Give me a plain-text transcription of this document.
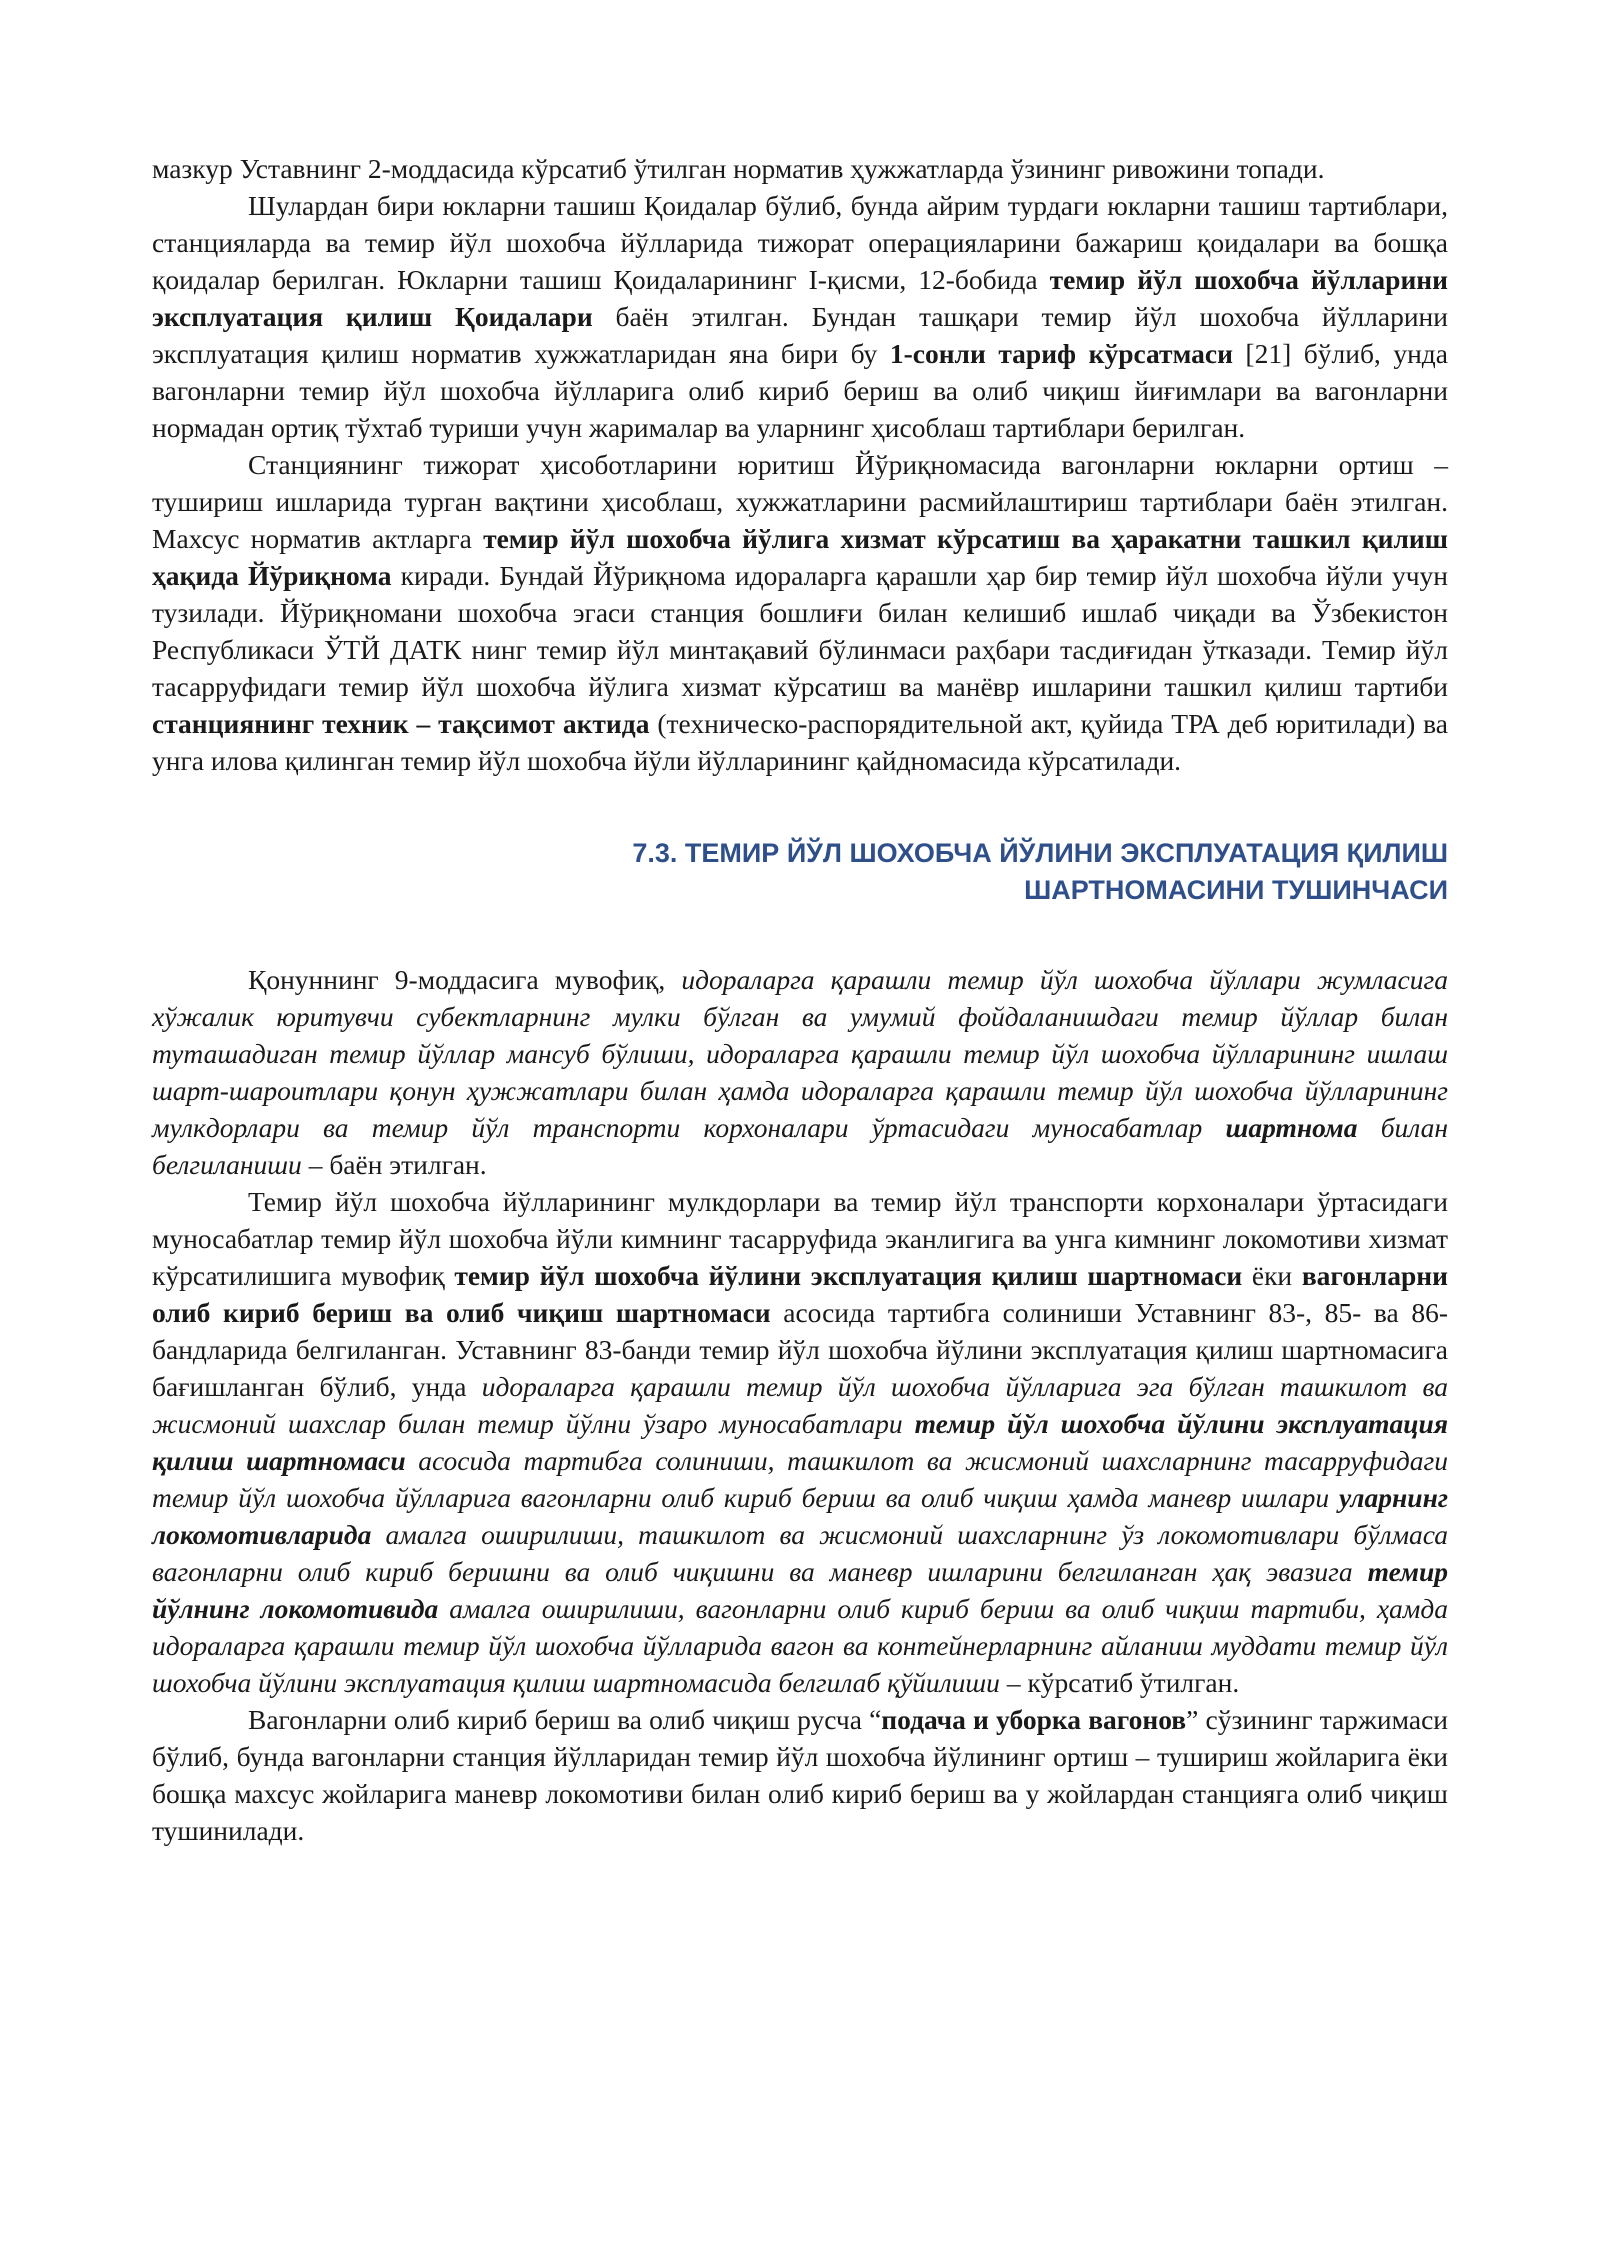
мазкур Уставнинг 2-моддасида кўрсатиб ўтилган норматив ҳужжатларда ўзининг ривожини топади.

Шулардан бири юкларни ташиш Қоидалар бўлиб, бунда айрим турдаги юкларни ташиш тартиблари, станцияларда ва темир йўл шохобча йўлларида тижорат операцияларини бажариш қоидалари ва бошқа қоидалар берилган. Юкларни ташиш Қоидаларининг I-қисми, 12-бобида темир йўл шохобча йўлларини эксплуатация қилиш Қоидалари баён этилган. Бундан ташқари темир йўл шохобча йўлларини эксплуатация қилиш норматив хужжатларидан яна бири бу 1-сонли тариф кўрсатмаси [21] бўлиб, унда вагонларни темир йўл шохобча йўлларига олиб кириб бериш ва олиб чиқиш йиғимлари ва вагонларни нормадан ортиқ тўхтаб туриши учун жарималар ва уларнинг ҳисоблаш тартиблари берилган.

Станциянинг тижорат ҳисоботларини юритиш Йўриқномасида вагонларни юкларни ортиш – тушириш ишларида турган вақтини ҳисоблаш, хужжатларини расмийлаштириш тартиблари баён этилган. Махсус норматив актларга темир йўл шохобча йўлига хизмат кўрсатиш ва ҳаракатни ташкил қилиш ҳақида Йўриқнома киради. Бундай Йўриқнома идораларга қарашли ҳар бир темир йўл шохобча йўли учун тузилади. Йўриқномани шохобча эгаси станция бошлиғи билан келишиб ишлаб чиқади ва Ўзбекистон Республикаси ЎТЙ ДАТК нинг темир йўл минтақавий бўлинмаси раҳбари тасдиғидан ўтказади. Темир йўл тасарруфидаги темир йўл шохобча йўлига хизмат кўрсатиш ва манёвр ишларини ташкил қилиш тартиби станциянинг техник – тақсимот актида (техническо-распорядительной акт, қуйида ТРА деб юритилади) ва унга илова қилинган темир йўл шохобча йўли йўлларининг қайдномасида кўрсатилади.

7.3. ТЕМИР ЙЎЛ ШОХОБЧА ЙЎЛИНИ ЭКСПЛУАТАЦИЯ ҚИЛИШ
ШАРТНОМАСИНИ ТУШИНЧАСИ

Қонуннинг 9-моддасига мувофиқ, идораларга қарашли темир йўл шохобча йўллари жумласига хўжалик юритувчи субектларнинг мулки бўлган ва умумий фойдаланишдаги темир йўллар билан туташадиган темир йўллар мансуб бўлиши, идораларга қарашли темир йўл шохобча йўлларининг ишлаш шарт-шароитлари қонун ҳужжатлари билан ҳамда идораларга қарашли темир йўл шохобча йўлларининг мулкдорлари ва темир йўл транспорти корхоналари ўртасидаги муносабатлар шартнома билан белгиланиши – баён этилган.

Темир йўл шохобча йўлларининг мулкдорлари ва темир йўл транспорти корхоналари ўртасидаги муносабатлар темир йўл шохобча йўли кимнинг тасарруфида эканлигига ва унга кимнинг локомотиви хизмат кўрсатилишига мувофиқ темир йўл шохобча йўлини эксплуатация қилиш шартномаси ёки вагонларни олиб кириб бериш ва олиб чиқиш шартномаси асосида тартибга солиниши Уставнинг 83-, 85- ва 86-бандларида белгиланган. Уставнинг 83-банди темир йўл шохобча йўлини эксплуатация қилиш шартномасига бағишланган бўлиб, унда идораларга қарашли темир йўл шохобча йўлларига эга бўлган ташкилот ва жисмоний шахслар билан темир йўлни ўзаро муносабатлари темир йўл шохобча йўлини эксплуатация қилиш шартномаси асосида тартибга солиниши, ташкилот ва жисмоний шахсларнинг тасарруфидаги темир йўл шохобча йўлларига вагонларни олиб кириб бериш ва олиб чиқиш ҳамда маневр ишлари уларнинг локомотивларида амалга оширилиши, ташкилот ва жисмоний шахсларнинг ўз локомотивлари бўлмаса вагонларни олиб кириб беришни ва олиб чиқишни ва маневр ишларини белгиланган ҳақ эвазига темир йўлнинг локомотивида амалга оширилиши, вагонларни олиб кириб бериш ва олиб чиқиш тартиби, ҳамда идораларга қарашли темир йўл шохобча йўлларида вагон ва контейнерларнинг айланиш муддати темир йўл шохобча йўлини эксплуатация қилиш шартномасида белгилаб қўйилиши – кўрсатиб ўтилган.

Вагонларни олиб кириб бериш ва олиб чиқиш русча “подача и уборка вагонов” сўзининг таржимаси бўлиб, бунда вагонларни станция йўлларидан темир йўл шохобча йўлининг ортиш – тушириш жойларига ёки бошқа махсус жойларига маневр локомотиви билан олиб кириб бериш ва у жойлардан станцияга олиб чиқиш тушинилади.
